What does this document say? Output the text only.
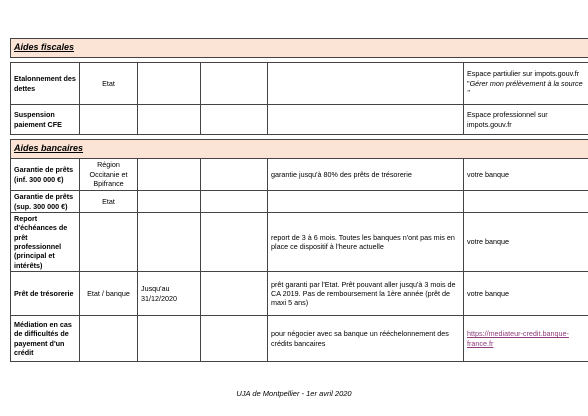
Aides fiscales					

Etalonnement des dettes	Etat				Espace partiulier sur impots.gouv.fr "Gérer mon prélèvement à la source "
Suspension paiement CFE					Espace professionnel sur impots.gouv.fr

Aides bancaires					
Garantie de prêts (inf. 300 000 €)	Région Occitanie et Bpifrance			garantie jusqu'à 80% des prêts de trésorerie	votre banque
Garantie de prêts (sup. 300 000 €)	Etat				
Report d'échéances de prêt professionnel (principal et intérêts)				report de 3 à 6 mois. Toutes les banques n'ont pas mis en place ce dispositif à l'heure actuelle	votre banque
Prêt de trésorerie	Etat / banque	Jusqu'au 31/12/2020		prêt garanti par l'Etat. Prêt pouvant aller jusqu'à 3 mois de CA 2019. Pas de remboursement la 1ère année (prêt de maxi 5 ans)	votre banque
Médiation en cas de difficultés de payement d'un crédit				pour négocier avec sa banque un rééchelonnement des crédits bancaires	https://mediateur-credit.banque-france.fr
UJA de Montpellier - 1er avril 2020
